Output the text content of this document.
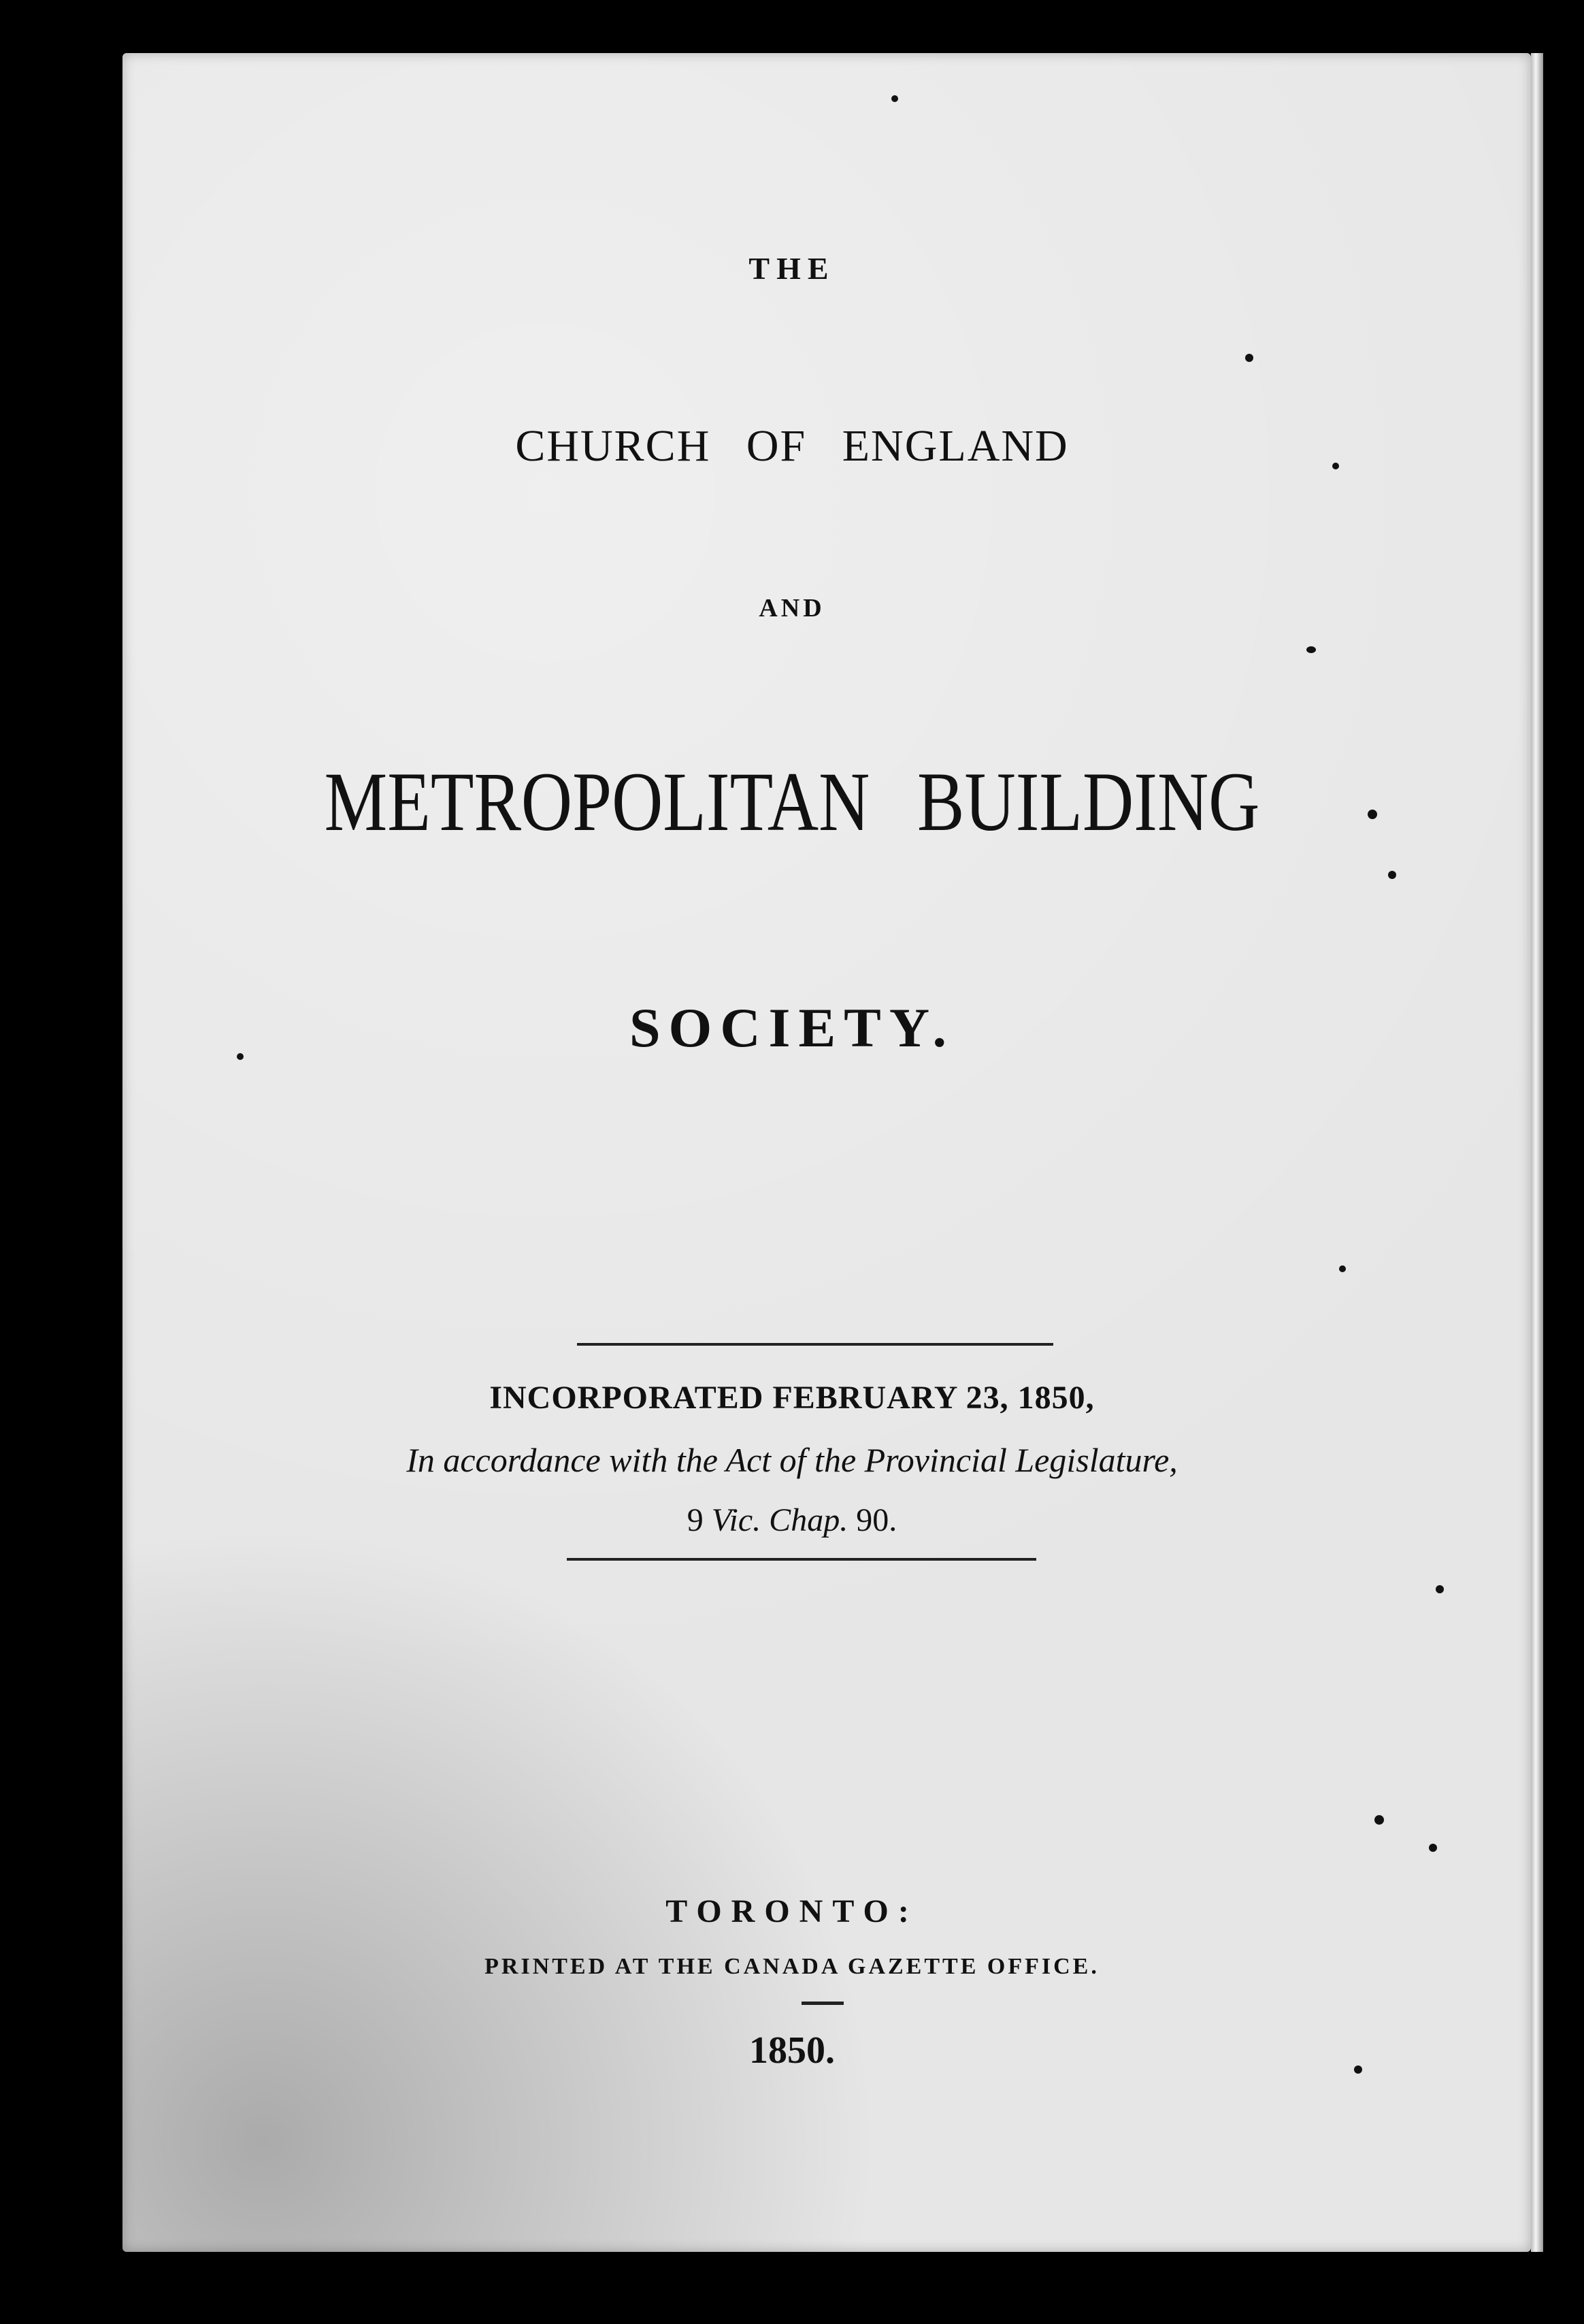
THE
CHURCH OF ENGLAND
AND
METROPOLITAN BUILDING
SOCIETY.
INCORPORATED FEBRUARY 23, 1850,
In accordance with the Act of the Provincial Legislature,
9 Vic. Chap. 90.
TORONTO:
PRINTED AT THE CANADA GAZETTE OFFICE.
1850.
